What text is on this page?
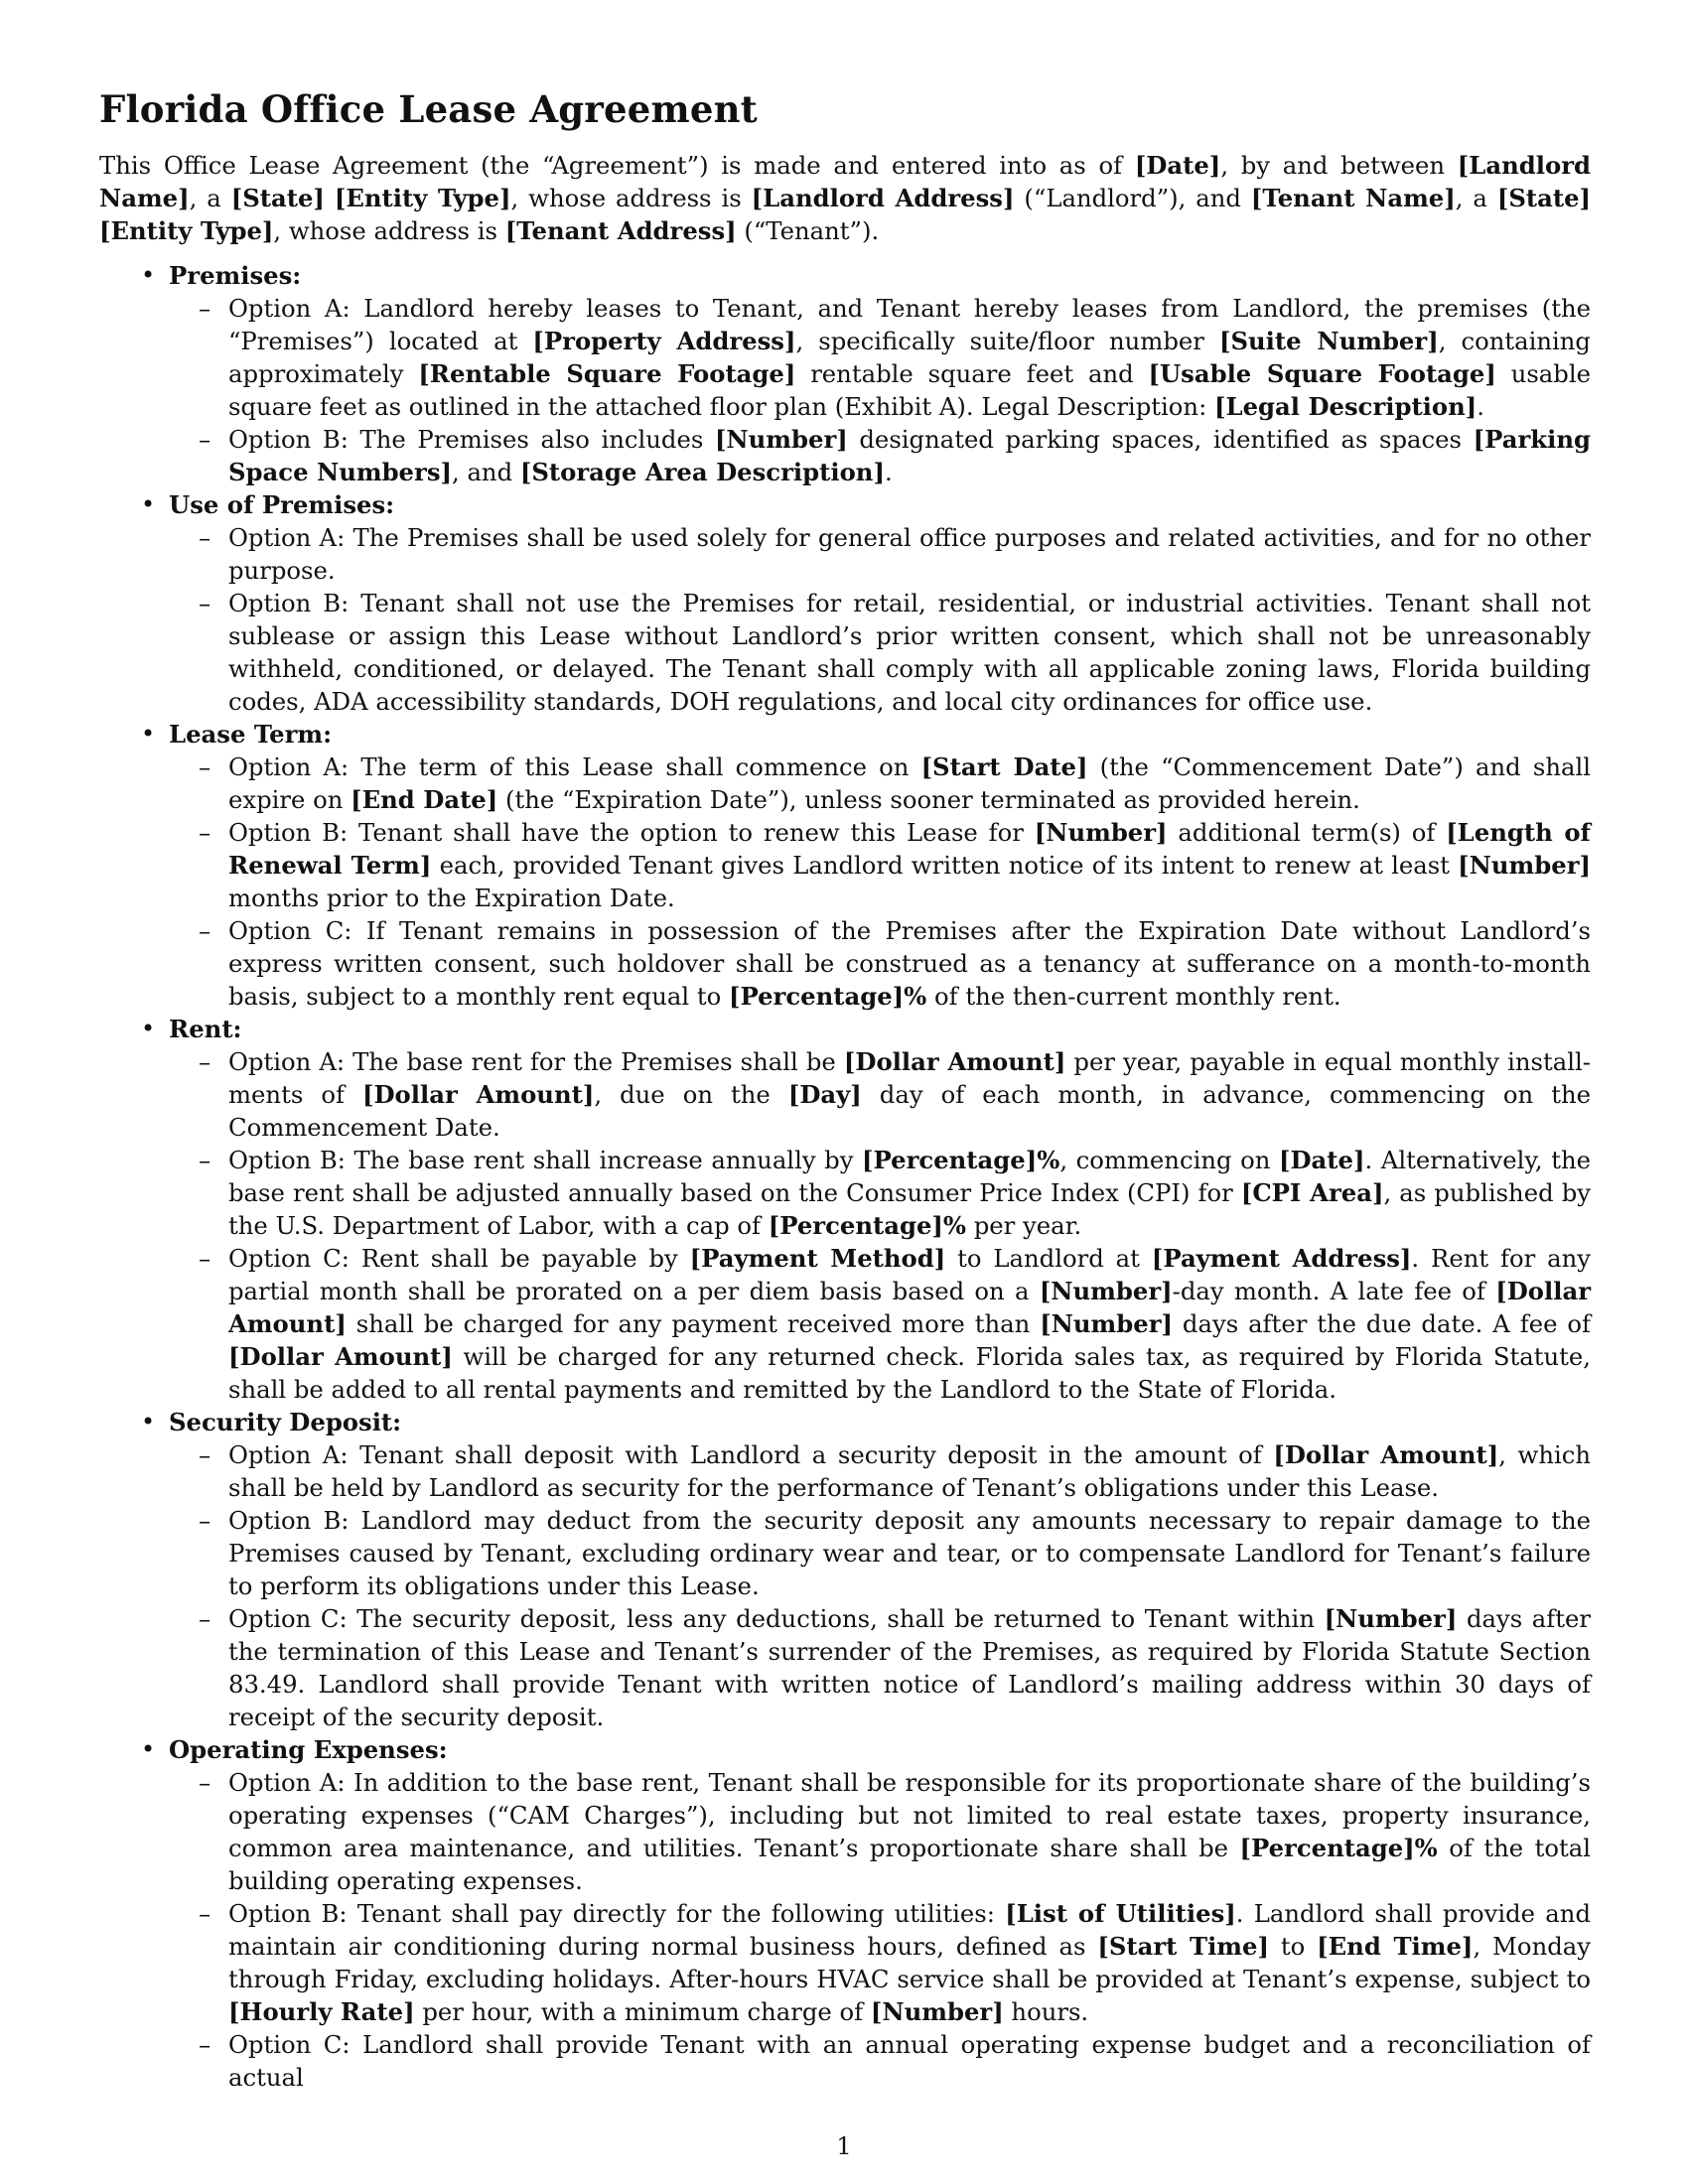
Florida Office Lease Agreement

This Office Lease Agreement (the “Agreement”) is made and entered into as of [Date], by and between [Landlord Name], a [State] [Entity Type], whose address is [Landlord Address] (“Landlord”), and [Tenant Name], a [State] [Entity Type], whose address is [Tenant Address] (“Tenant”).

• Premises:
– Option A: Landlord hereby leases to Tenant, and Tenant hereby leases from Landlord, the premises (the “Premises”) located at [Property Address], specifically suite/floor number [Suite Number], containing approximately [Rentable Square Footage] rentable square feet and [Usable Square Footage] usable square feet as outlined in the attached floor plan (Exhibit A). Legal Description: [Legal Description].
– Option B: The Premises also includes [Number] designated parking spaces, identified as spaces [Parking Space Numbers], and [Storage Area Description].
• Use of Premises:
– Option A: The Premises shall be used solely for general office purposes and related activities, and for no other purpose.
– Option B: Tenant shall not use the Premises for retail, residential, or industrial activities. Tenant shall not sublease or assign this Lease without Landlord’s prior written consent, which shall not be unreasonably withheld, conditioned, or delayed. The Tenant shall comply with all applicable zoning laws, Florida building codes, ADA accessibility standards, DOH regulations, and local city ordinances for office use.
• Lease Term:
– Option A: The term of this Lease shall commence on [Start Date] (the “Commencement Date”) and shall expire on [End Date] (the “Expiration Date”), unless sooner terminated as provided herein.
– Option B: Tenant shall have the option to renew this Lease for [Number] additional term(s) of [Length of Renewal Term] each, provided Tenant gives Landlord written notice of its intent to renew at least [Number] months prior to the Expiration Date.
– Option C: If Tenant remains in possession of the Premises after the Expiration Date without Landlord’s express written consent, such holdover shall be construed as a tenancy at sufferance on a month-to-month basis, subject to a monthly rent equal to [Percentage]% of the then-current monthly rent.
• Rent:
– Option A: The base rent for the Premises shall be [Dollar Amount] per year, payable in equal monthly installments of [Dollar Amount], due on the [Day] day of each month, in advance, commencing on the Commencement Date.
– Option B: The base rent shall increase annually by [Percentage]%, commencing on [Date]. Alternatively, the base rent shall be adjusted annually based on the Consumer Price Index (CPI) for [CPI Area], as published by the U.S. Department of Labor, with a cap of [Percentage]% per year.
– Option C: Rent shall be payable by [Payment Method] to Landlord at [Payment Address]. Rent for any partial month shall be prorated on a per diem basis based on a [Number]-day month. A late fee of [Dollar Amount] shall be charged for any payment received more than [Number] days after the due date. A fee of [Dollar Amount] will be charged for any returned check. Florida sales tax, as required by Florida Statute, shall be added to all rental payments and remitted by the Landlord to the State of Florida.
• Security Deposit:
– Option A: Tenant shall deposit with Landlord a security deposit in the amount of [Dollar Amount], which shall be held by Landlord as security for the performance of Tenant’s obligations under this Lease.
– Option B: Landlord may deduct from the security deposit any amounts necessary to repair damage to the Premises caused by Tenant, excluding ordinary wear and tear, or to compensate Landlord for Tenant’s failure to perform its obligations under this Lease.
– Option C: The security deposit, less any deductions, shall be returned to Tenant within [Number] days after the termination of this Lease and Tenant’s surrender of the Premises, as required by Florida Statute Section 83.49. Landlord shall provide Tenant with written notice of Landlord’s mailing address within 30 days of receipt of the security deposit.
• Operating Expenses:
– Option A: In addition to the base rent, Tenant shall be responsible for its proportionate share of the building’s operating expenses (“CAM Charges”), including but not limited to real estate taxes, property insurance, common area maintenance, and utilities. Tenant’s proportionate share shall be [Percentage]% of the total building operating expenses.
– Option B: Tenant shall pay directly for the following utilities: [List of Utilities]. Landlord shall provide and maintain air conditioning during normal business hours, defined as [Start Time] to [End Time], Monday through Friday, excluding holidays. After-hours HVAC service shall be provided at Tenant’s expense, subject to [Hourly Rate] per hour, with a minimum charge of [Number] hours.
– Option C: Landlord shall provide Tenant with an annual operating expense budget and a reconciliation of actual
1
